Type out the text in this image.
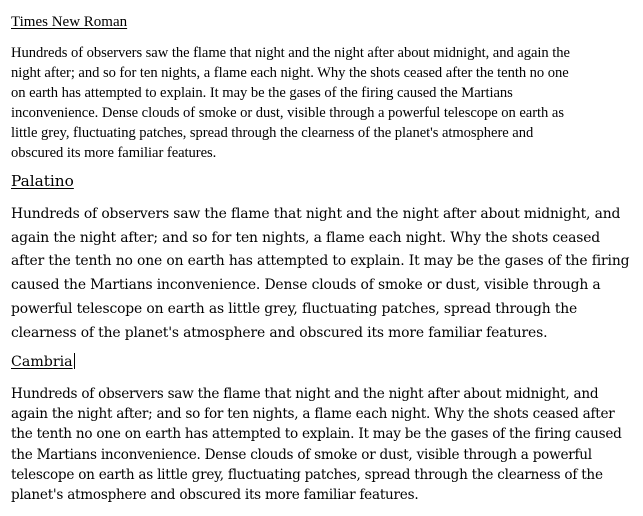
Times New Roman

Hundreds of observers saw the flame that night and the night after about midnight, and again the
night after; and so for ten nights, a flame each night. Why the shots ceased after the tenth no one
on earth has attempted to explain. It may be the gases of the firing caused the Martians
inconvenience. Dense clouds of smoke or dust, visible through a powerful telescope on earth as
little grey, fluctuating patches, spread through the clearness of the planet's atmosphere and
obscured its more familiar features.

Palatino

Hundreds of observers saw the flame that night and the night after about midnight, and
again the night after; and so for ten nights, a flame each night. Why the shots ceased
after the tenth no one on earth has attempted to explain. It may be the gases of the firing
caused the Martians inconvenience. Dense clouds of smoke or dust, visible through a
powerful telescope on earth as little grey, fluctuating patches, spread through the
clearness of the planet's atmosphere and obscured its more familiar features.

Cambria

Hundreds of observers saw the flame that night and the night after about midnight, and
again the night after; and so for ten nights, a flame each night. Why the shots ceased after
the tenth no one on earth has attempted to explain. It may be the gases of the firing caused
the Martians inconvenience. Dense clouds of smoke or dust, visible through a powerful
telescope on earth as little grey, fluctuating patches, spread through the clearness of the
planet's atmosphere and obscured its more familiar features.
